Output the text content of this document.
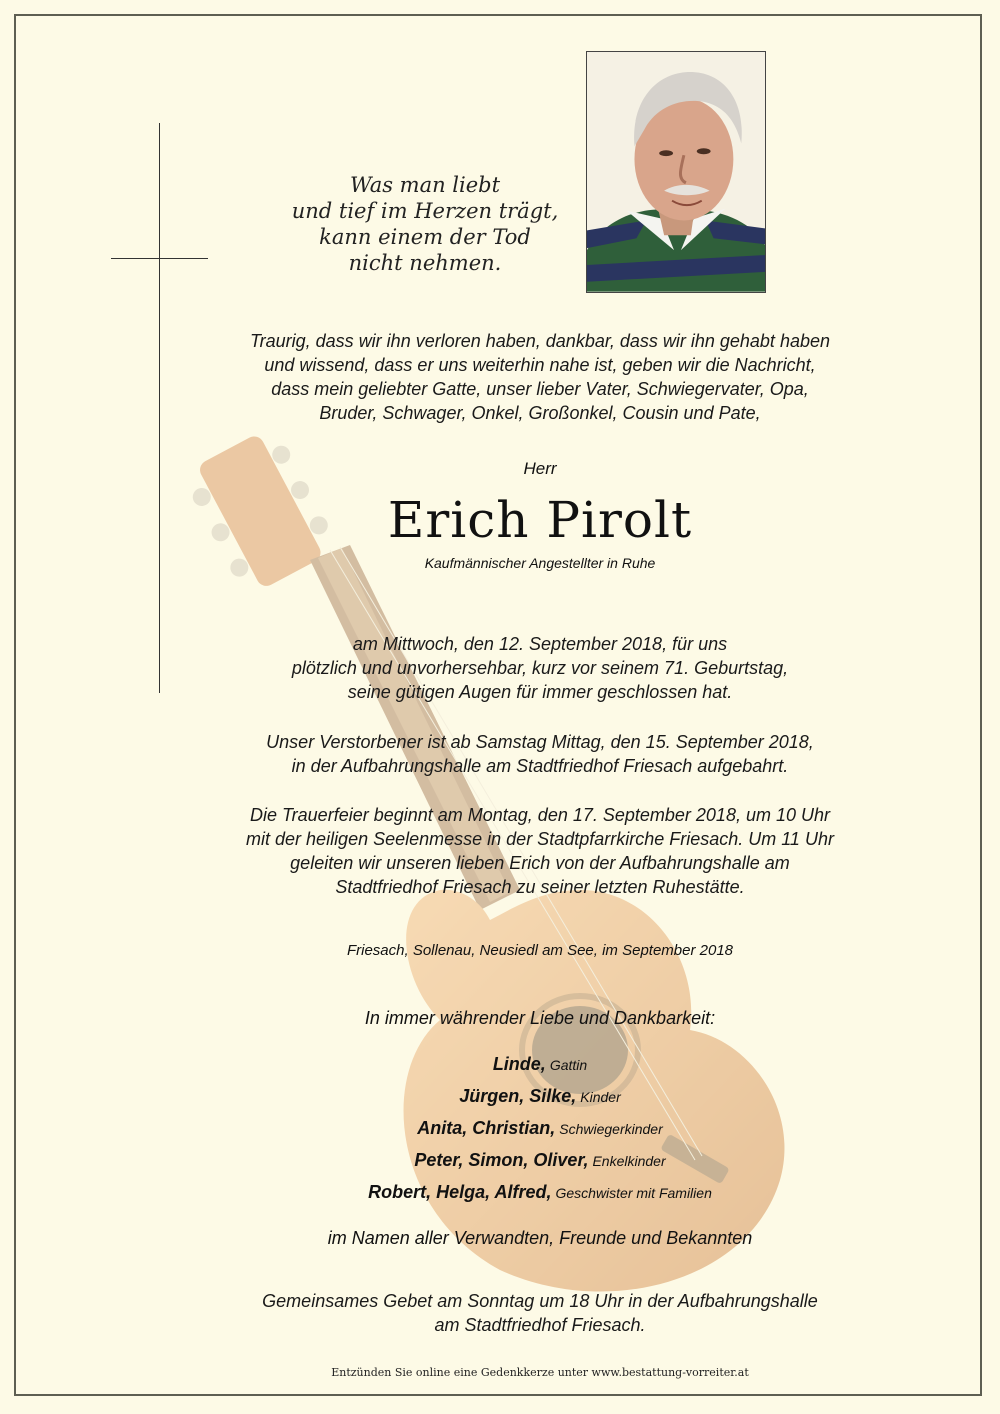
Was man liebt
und tief im Herzen trägt,
kann einem der Tod
nicht nehmen.
Traurig, dass wir ihn verloren haben, dankbar, dass wir ihn gehabt haben
und wissend, dass er uns weiterhin nahe ist, geben wir die Nachricht,
dass mein geliebter Gatte, unser lieber Vater, Schwiegervater, Opa,
Bruder, Schwager, Onkel, Großonkel, Cousin und Pate,
Herr
Erich Pirolt
Kaufmännischer Angestellter in Ruhe
am Mittwoch, den 12. September 2018, für uns
plötzlich und unvorhersehbar, kurz vor seinem 71. Geburtstag,
seine gütigen Augen für immer geschlossen hat.
Unser Verstorbener ist ab Samstag Mittag, den 15. September 2018,
in der Aufbahrungshalle am Stadtfriedhof Friesach aufgebahrt.
Die Trauerfeier beginnt am Montag, den 17. September 2018, um 10 Uhr
mit der heiligen Seelenmesse in der Stadtpfarrkirche Friesach. Um 11 Uhr
geleiten wir unseren lieben Erich von der Aufbahrungshalle am
Stadtfriedhof Friesach zu seiner letzten Ruhestätte.
Friesach, Sollenau, Neusiedl am See, im September 2018
In immer währender Liebe und Dankbarkeit:
Linde, Gattin
Jürgen, Silke, Kinder
Anita, Christian, Schwiegerkinder
Peter, Simon, Oliver, Enkelkinder
Robert, Helga, Alfred, Geschwister mit Familien
im Namen aller Verwandten, Freunde und Bekannten
Gemeinsames Gebet am Sonntag um 18 Uhr in der Aufbahrungshalle
am Stadtfriedhof Friesach.
Entzünden Sie online eine Gedenkkerze unter www.bestattung-vorreiter.at
